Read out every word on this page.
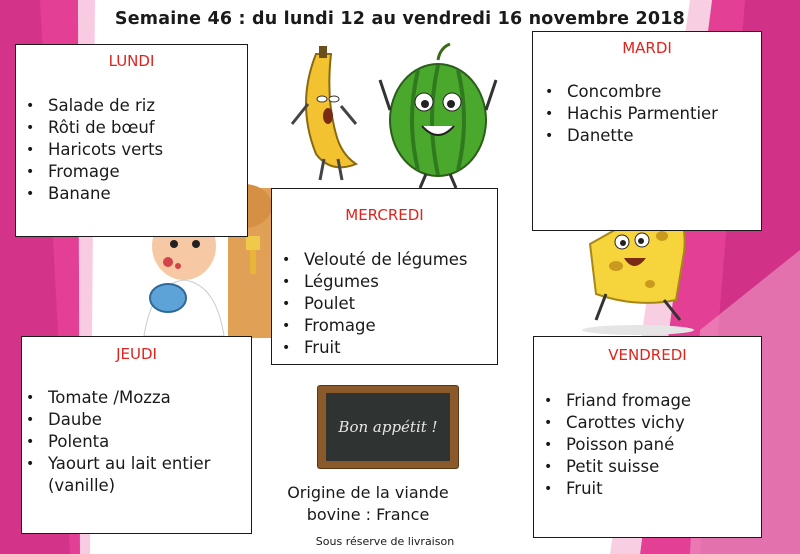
Semaine 46 : du lundi 12 au vendredi 16 novembre 2018
LUNDI
• Salade de riz
• Rôti de bœuf
• Haricots verts
• Fromage
• Banane
MARDI
• Concombre
• Hachis Parmentier
• Danette
MERCREDI
• Velouté de légumes
• Légumes
• Poulet
• Fromage
• Fruit
JEUDI
• Tomate /Mozza
• Daube
• Polenta
• Yaourt au lait entier
(vanille)
VENDREDI
• Friand fromage
• Carottes vichy
• Poisson pané
• Petit suisse
• Fruit
Bon appétit !
Origine de la viande
bovine : France
Sous réserve de livraison
